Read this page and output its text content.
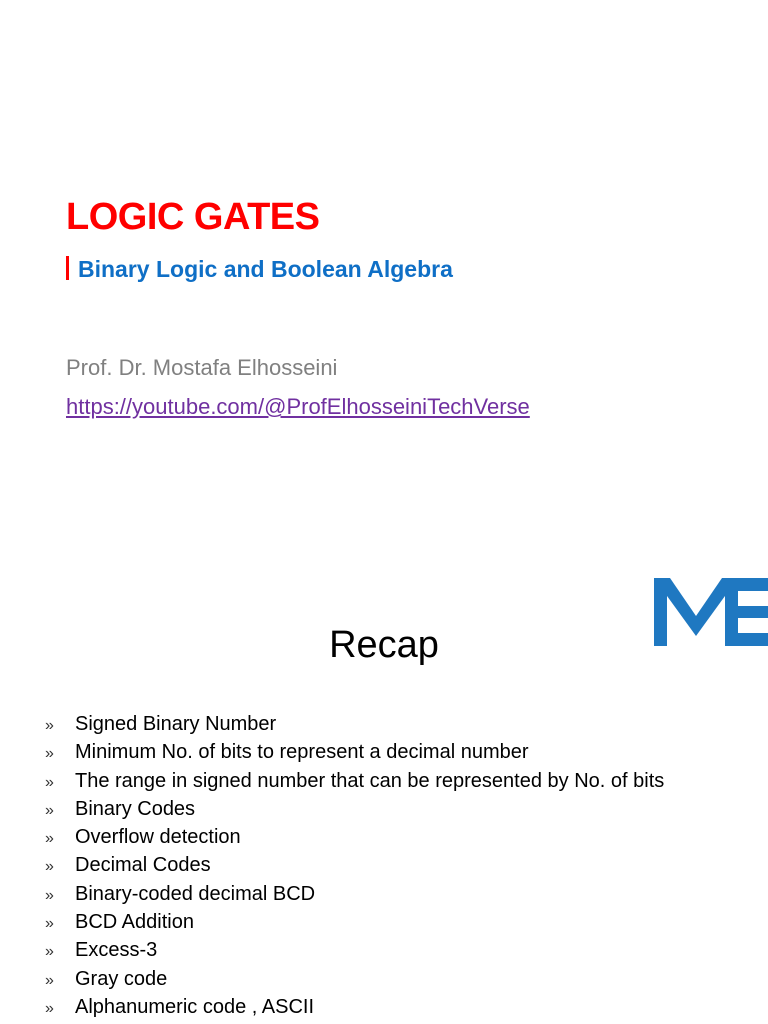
LOGIC GATES
Binary Logic and Boolean Algebra
Prof. Dr. Mostafa Elhosseini
https://youtube.com/@ProfElhosseiniTechVerse
Recap
» Signed Binary Number
» Minimum No. of bits to represent a decimal number
» The range in signed number that can be represented by No. of bits
» Binary Codes
» Overflow detection
» Decimal Codes
» Binary-coded decimal BCD
» BCD Addition
» Excess-3
» Gray code
» Alphanumeric code , ASCII
